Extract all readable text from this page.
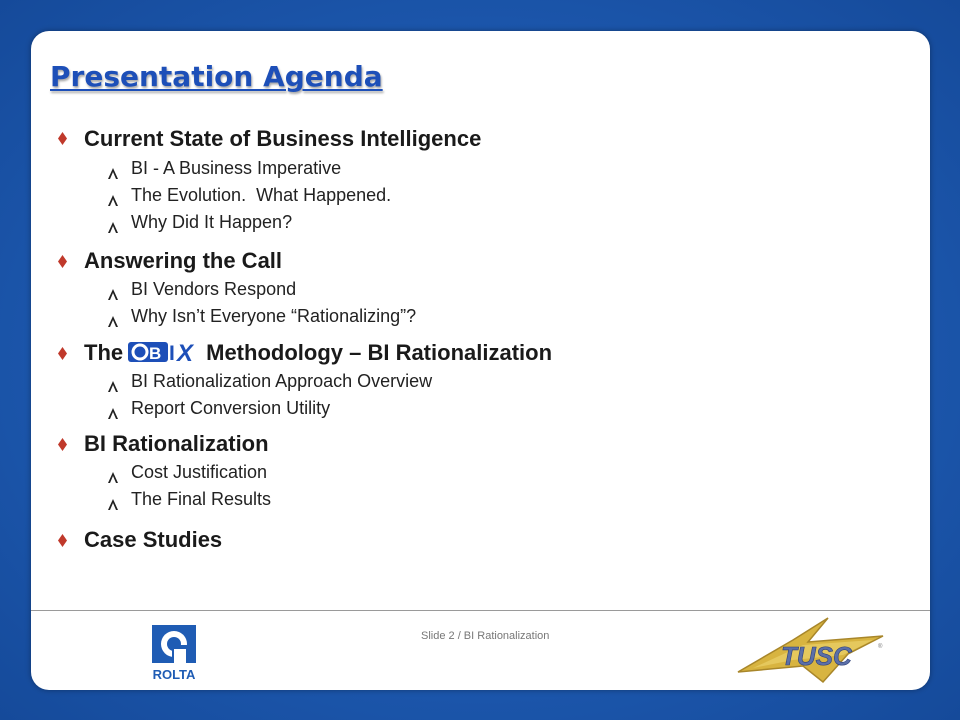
Presentation Agenda
Current State of Business Intelligence
BI - A Business Imperative
The Evolution.  What Happened.
Why Did It Happen?
Answering the Call
BI Vendors Respond
Why Isn’t Everyone “Rationalizing”?
The B I X Methodology – BI Rationalization
BI Rationalization Approach Overview
Report Conversion Utility
BI Rationalization
Cost Justification
The Final Results
Case Studies
ROLTA
Slide 2 / BI Rationalization
TUSC	®
